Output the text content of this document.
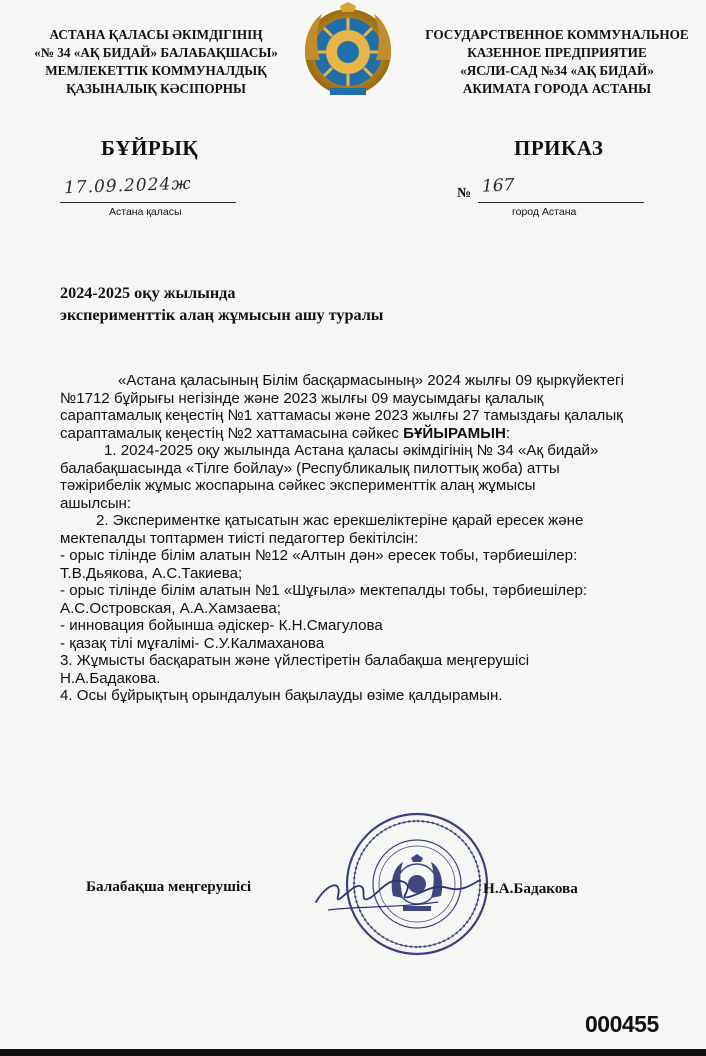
АСТАНА ҚАЛАСЫ ӘКІМДІГІНІҢ
«№ 34 «АҚ БИДАЙ» БАЛАБАҚШАСЫ»
МЕМЛЕКЕТТІК КОММУНАЛДЫҚ
ҚАЗЫНАЛЫҚ КӘСІПОРНЫ
ГОСУДАРСТВЕННОЕ КОММУНАЛЬНОЕ
КАЗЕННОЕ ПРЕДПРИЯТИЕ
«ЯСЛИ-САД №34 «АҚ БИДАЙ»
АКИМАТА ГОРОДА АСТАНЫ
БҰЙРЫҚ	ПРИКАЗ
17.09.2024ж
Астана қаласы
№ 167
город Астана
2024-2025 оқу жылында
эксперименттік алаң жұмысын ашу туралы
«Астана қаласының Білім басқармасының» 2024 жылғы 09 қыркүйектегі
№1712 бұйрығы негізінде және 2023 жылғы 09 маусымдағы қалалық
сараптамалық кеңестің №1 хаттамасы және 2023 жылғы 27 тамыздағы қалалық
сараптамалық кеңестің №2 хаттамасына сәйкес БҰЙЫРАМЫН:
1. 2024-2025 оқу жылында Астана қаласы әкімдігінің № 34 «Ақ бидай»
балабақшасында «Тілге бойлау» (Республикалық пилоттық жоба) атты
тәжірибелік жұмыс жоспарына сәйкес эксперименттік алаң жұмысы
ашылсын:
2. Экспериментке қатысатын жас ерекшеліктеріне қарай ересек және
мектепалды топтармен тиісті педагогтер бекітілсін:
- орыс тілінде білім алатын №12 «Алтын дән» ересек тобы, тәрбиешілер:
Т.В.Дьякова, А.С.Такиева;
- орыс тілінде білім алатын №1 «Шұғыла» мектепалды тобы, тәрбиешілер:
А.С.Островская, А.А.Хамзаева;
- инновация бойынша әдіскер- К.Н.Смагулова
- қазақ тілі мұғалімі- С.У.Калмаханова
3. Жұмысты басқаратын және үйлестіретін балабақша меңгерушісі
Н.А.Бадакова.
4. Осы бұйрықтың орындалуын бақылауды өзіме қалдырамын.
Балабақша меңгерушісі	Н.А.Бадакова
000455
